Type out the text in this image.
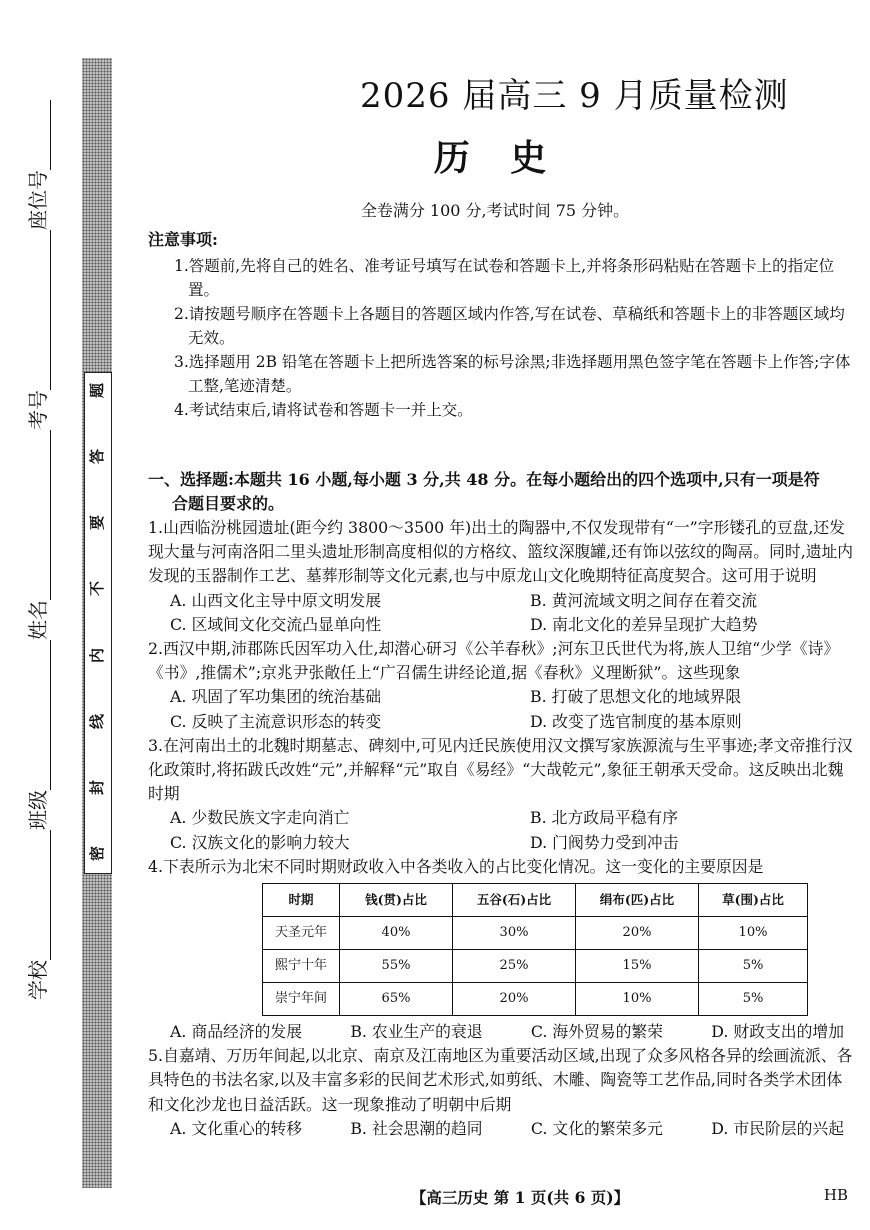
题
答
要
不
内
线
封
密
学校
班级
姓名
考号
座位号
2026 届高三 9 月质量检测
历 史
全卷满分 100 分,考试时间 75 分钟。
注意事项:
1.答题前,先将自己的姓名、准考证号填写在试卷和答题卡上,并将条形码粘贴在答题卡上的指定位置。
2.请按题号顺序在答题卡上各题目的答题区域内作答,写在试卷、草稿纸和答题卡上的非答题区域均无效。
3.选择题用 2B 铅笔在答题卡上把所选答案的标号涂黑;非选择题用黑色签字笔在答题卡上作答;字体工整,笔迹清楚。
4.考试结束后,请将试卷和答题卡一并上交。
一、选择题:本题共 16 小题,每小题 3 分,共 48 分。在每小题给出的四个选项中,只有一项是符
合题目要求的。
1.山西临汾桃园遗址(距今约 3800～3500 年)出土的陶器中,不仅发现带有“一”字形镂孔的豆盘,还发现大量与河南洛阳二里头遗址形制高度相似的方格纹、篮纹深腹罐,还有饰以弦纹的陶鬲。同时,遗址内发现的玉器制作工艺、墓葬形制等文化元素,也与中原龙山文化晚期特征高度契合。这可用于说明
A. 山西文化主导中原文明发展	B. 黄河流域文明之间存在着交流
C. 区域间文化交流凸显单向性	D. 南北文化的差异呈现扩大趋势
2.西汉中期,沛郡陈氏因军功入仕,却潜心研习《公羊春秋》;河东卫氏世代为将,族人卫绾“少学《诗》《书》,推儒术”;京兆尹张敞任上“广召儒生讲经论道,据《春秋》义理断狱”。这些现象
A. 巩固了军功集团的统治基础	B. 打破了思想文化的地域界限
C. 反映了主流意识形态的转变	D. 改变了选官制度的基本原则
3.在河南出土的北魏时期墓志、碑刻中,可见内迁民族使用汉文撰写家族源流与生平事迹;孝文帝推行汉化政策时,将拓跋氏改姓“元”,并解释“元”取自《易经》“大哉乾元”,象征王朝承天受命。这反映出北魏时期
A. 少数民族文字走向消亡	B. 北方政局平稳有序
C. 汉族文化的影响力较大	D. 门阀势力受到冲击
4.下表所示为北宋不同时期财政收入中各类收入的占比变化情况。这一变化的主要原因是
时期	钱(贯)占比	五谷(石)占比	绢布(匹)占比	草(围)占比
天圣元年	40%	30%	20%	10%
熙宁十年	55%	25%	15%	5%
崇宁年间	65%	20%	10%	5%
A. 商品经济的发展	B. 农业生产的衰退	C. 海外贸易的繁荣	D. 财政支出的增加
5.自嘉靖、万历年间起,以北京、南京及江南地区为重要活动区域,出现了众多风格各异的绘画流派、各具特色的书法名家,以及丰富多彩的民间艺术形式,如剪纸、木雕、陶瓷等工艺作品,同时各类学术团体和文化沙龙也日益活跃。这一现象推动了明朝中后期
A. 文化重心的转移	B. 社会思潮的趋同	C. 文化的繁荣多元	D. 市民阶层的兴起
【高三历史 第 1 页(共 6 页)】	HB
